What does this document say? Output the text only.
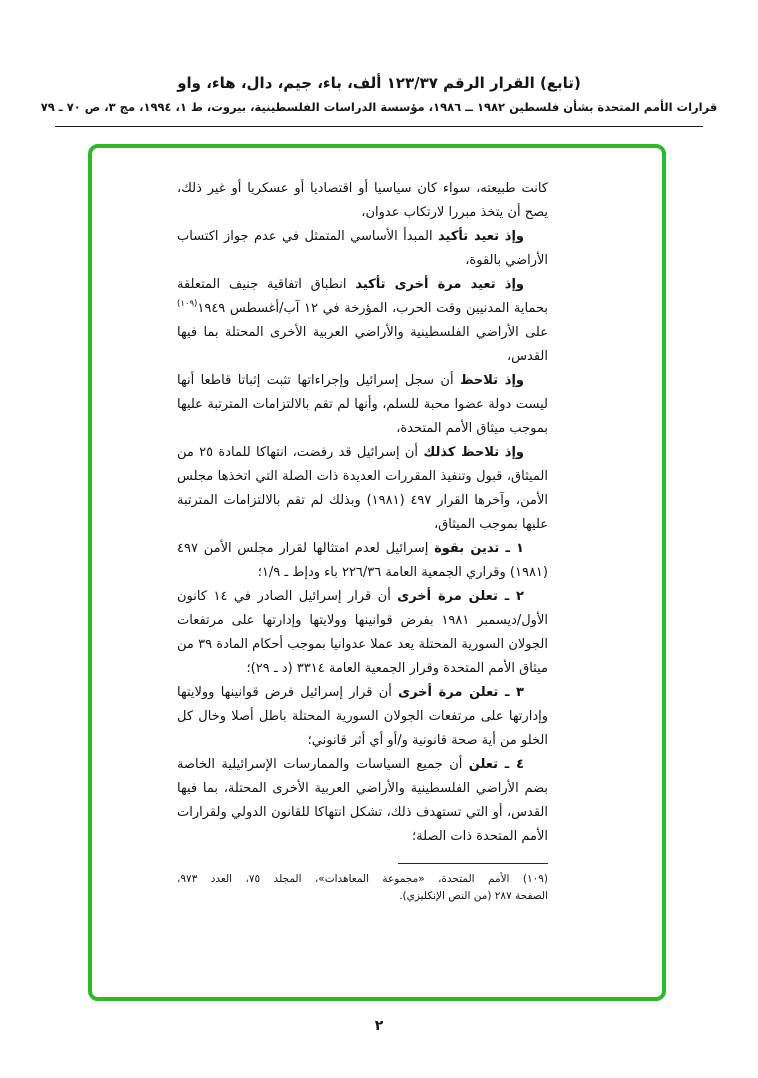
(تابع) القرار الرقم ١٢٣/٣٧ ألف، باء، جيم، دال، هاء، واو
قرارات الأمم المتحدة بشأن فلسطين ١٩٨٢ ــ ١٩٨٦، مؤسسة الدراسات الفلسطينية، بيروت، ط ١، ١٩٩٤، مج ٣، ص ٧٠ ـ ٧٩

كانت طبيعته، سواء كان سياسيا أو اقتصاديا أو عسكريا أو غير ذلك، يصح أن يتخذ مبررا لارتكاب عدوان،

وإذ تعيد تأكيد المبدأ الأساسي المتمثل في عدم جواز اكتساب الأراضي بالقوة،

وإذ تعيد مرة أخرى تأكيد انطباق اتفاقية جنيف المتعلقة بحماية المدنيين وقت الحرب، المؤرخة في ١٢ آب/أغسطس ١٩٤٩$^{(١٠٩)}$ على الأراضي الفلسطينية والأراضي العربية الأخرى المحتلة بما فيها القدس،

وإذ تلاحظ أن سجل إسرائيل وإجراءاتها تثبت إثباتا قاطعا أنها ليست دولة عضوا محبة للسلم، وأنها لم تقم بالالتزامات المترتبة عليها بموجب ميثاق الأمم المتحدة،

وإذ تلاحظ كذلك أن إسرائيل قد رفضت، انتهاكا للمادة ٢٥ من الميثاق، قبول وتنفيذ المقررات العديدة ذات الصلة التي اتخذها مجلس الأمن، وآخرها القرار ٤٩٧ (١٩٨١) وبذلك لم تقم بالالتزامات المترتبة عليها بموجب الميثاق،

١ ـ تدين بقوة إسرائيل لعدم امتثالها لقرار مجلس الأمن ٤٩٧ (١٩٨١) وقراري الجمعية العامة ٢٢٦/٣٦ باء ودإط ـ ١/٩؛

٢ ـ تعلن مرة أخرى أن قرار إسرائيل الصادر في ١٤ كانون الأول/ديسمبر ١٩٨١ بفرض قوانينها وولايتها وإدارتها على مرتفعات الجولان السورية المحتلة يعد عملا عدوانيا بموجب أحكام المادة ٣٩ من ميثاق الأمم المتحدة وقرار الجمعية العامة ٣٣١٤ (د ـ ٢٩)؛

٣ ـ تعلن مرة أخرى أن قرار إسرائيل فرض قوانينها وولايتها وإدارتها على مرتفعات الجولان السورية المحتلة باطل أصلا وخال كل الخلو من أية صحة قانونية و/أو أي أثر قانوني؛

٤ ـ تعلن أن جميع السياسات والممارسات الإسرائيلية الخاصة بضم الأراضي الفلسطينية والأراضي العربية الأخرى المحتلة، بما فيها القدس، أو التي تستهدف ذلك، تشكل انتهاكا للقانون الدولي ولقرارات الأمم المتحدة ذات الصلة؛

(١٠٩) الأمم المتحدة، «مجموعة المعاهدات»، المجلد ٧٥، العدد ٩٧٣،
الصفحة ٢٨٧ (من النص الإنكليزي).
٢
